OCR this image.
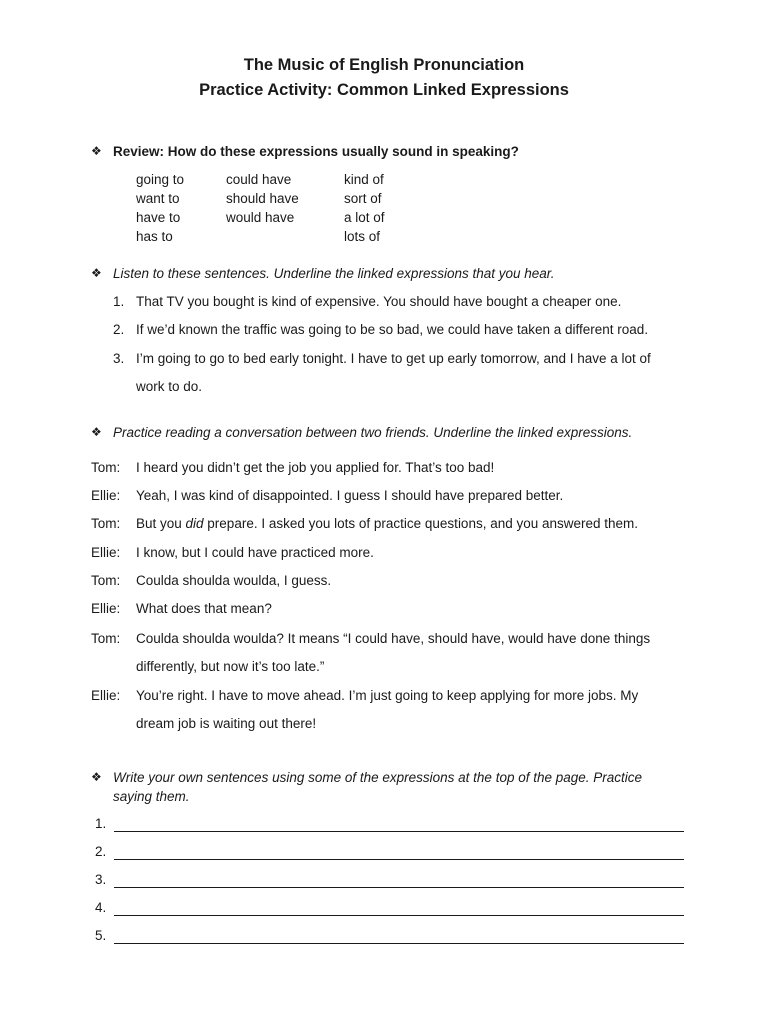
The Music of English Pronunciation
Practice Activity: Common Linked Expressions
❖ Review: How do these expressions usually sound in speaking?
going to
want to
have to
has to
could have
should have
would have
kind of
sort of
a lot of
lots of
❖ Listen to these sentences. Underline the linked expressions that you hear.
1. That TV you bought is kind of expensive. You should have bought a cheaper one.
2. If we’d known the traffic was going to be so bad, we could have taken a different road.
3. I’m going to go to bed early tonight. I have to get up early tomorrow, and I have a lot of
work to do.
❖ Practice reading a conversation between two friends. Underline the linked expressions.
Tom: I heard you didn’t get the job you applied for. That’s too bad!
Ellie: Yeah, I was kind of disappointed. I guess I should have prepared better.
Tom: But you did prepare. I asked you lots of practice questions, and you answered them.
Ellie: I know, but I could have practiced more.
Tom: Coulda shoulda woulda, I guess.
Ellie: What does that mean?
Tom: Coulda shoulda woulda? It means “I could have, should have, would have done things
differently, but now it’s too late.”
Ellie: You’re right. I have to move ahead. I’m just going to keep applying for more jobs. My
dream job is waiting out there!
❖ Write your own sentences using some of the expressions at the top of the page. Practice
saying them.
1.
2.
3.
4.
5.
